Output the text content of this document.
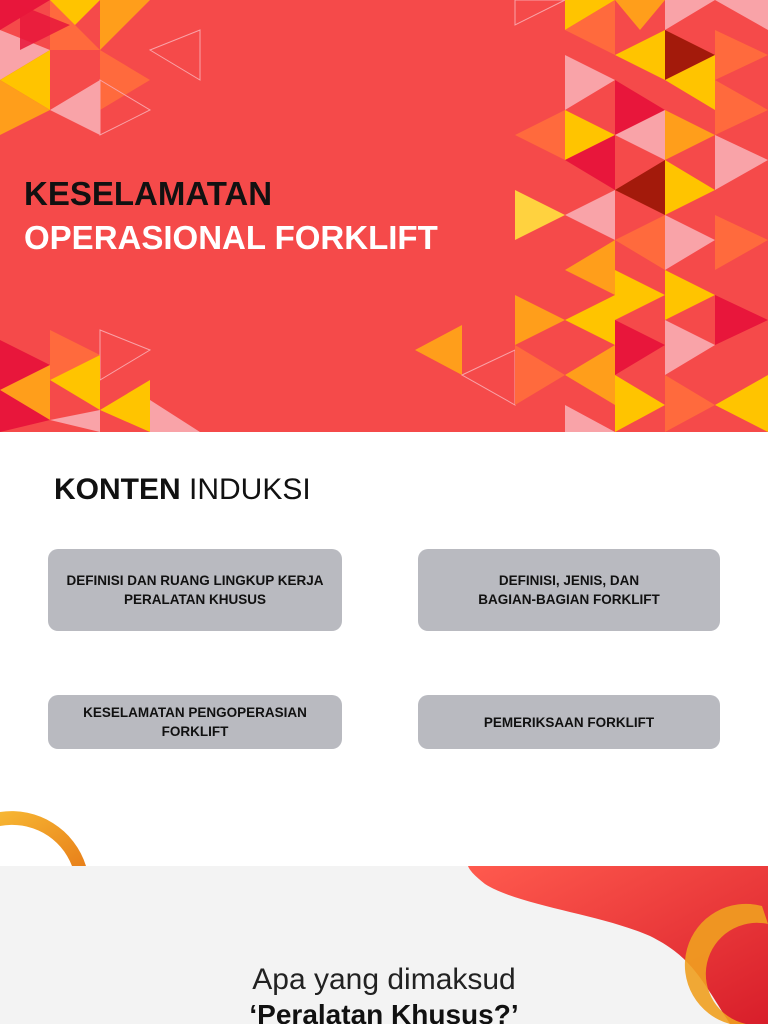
KESELAMATAN
OPERASIONAL FORKLIFT
KONTEN INDUKSI
DEFINISI DAN RUANG LINGKUP KERJA
PERALATAN KHUSUS
DEFINISI, JENIS, DAN
BAGIAN-BAGIAN FORKLIFT
KESELAMATAN PENGOPERASIAN FORKLIFT
PEMERIKSAAN FORKLIFT
Apa yang dimaksud
‘Peralatan Khusus?’
